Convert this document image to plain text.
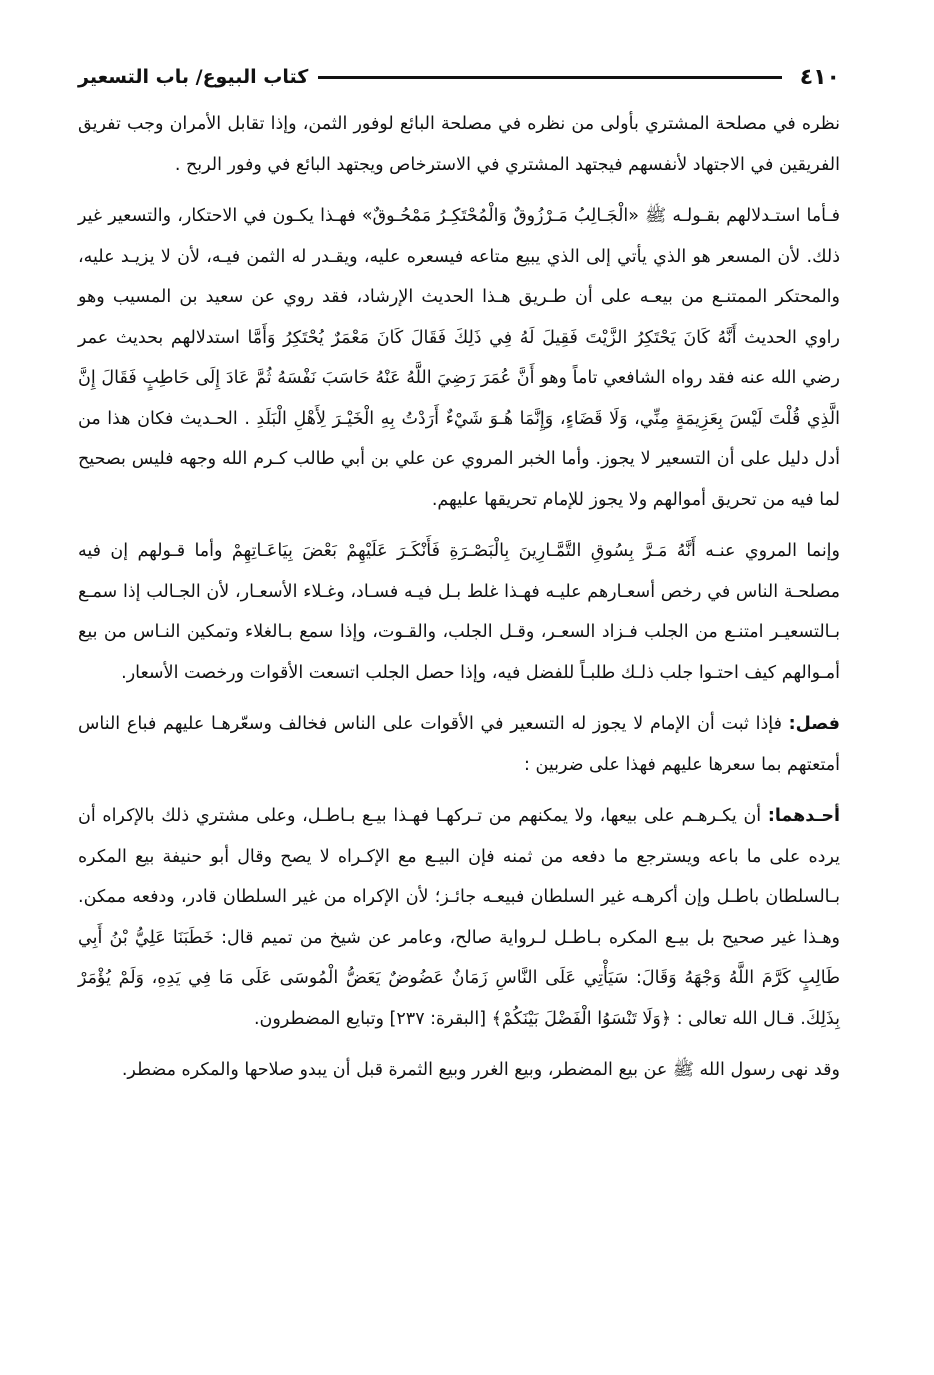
٤١٠
كتاب البيوع/ باب التسعير

نظره في مصلحة المشتري بأولى من نظره في مصلحة البائع لوفور الثمن، وإذا تقابل الأمران وجب تفريق الفريقين في الاجتهاد لأنفسهم فيجتهد المشتري في الاسترخاص ويجتهد البائع في وفور الربح .

فـأما استـدلالهم بقـولـه ﷺ «الْجَـالِبُ مَـرْزُوقٌ وَالْمُحْتَكِـرُ مَمْحُـوقٌ» فهـذا يكـون في الاحتكار، والتسعير غير ذلك. لأن المسعر هو الذي يأتي إلى الذي يبيع متاعه فيسعره عليه، ويقـدر له الثمن فيـه، لأن لا يزيـد عليه، والمحتكر الممتنـع من بيعـه على أن طـريق هـذا الحديث الإرشاد، فقد روي عن سعيد بن المسيب وهو راوي الحديث أَنَّهُ كَانَ يَحْتَكِرُ الزَّيْتَ فَقِيلَ لَهُ فِي ذَلِكَ فَقَالَ كَانَ مَعْمَرٌ يُحْتَكِرُ وَأَمَّا استدلالهم بحديث عمر رضي الله عنه فقد رواه الشافعي تاماً وهو أَنَّ عُمَرَ رَضِيَ اللَّهُ عَنْهُ حَاسَبَ نَفْسَهُ ثُمَّ عَادَ إِلَى حَاطِبٍ فَقَالَ إِنَّ الَّذِي قُلْتَ لَيْسَ بِعَزِيمَةٍ مِنِّي، وَلَا قَضَاءٍ، وَإِنَّمَا هُـوَ شَيْءٌ أَرَدْتُ بِهِ الْخَيْـرَ لِأَهْلِ الْبَلَدِ . الحـديث فكان هذا من أدل دليل على أن التسعير لا يجوز. وأما الخبر المروي عن علي بن أبي طالب كـرم الله وجهه فليس بصحيح لما فيه من تحريق أموالهم ولا يجوز للإمام تحريقها عليهم.

وإنما المروي عنـه أَنَّهُ مَـرَّ بِسُوقِ التَّمَّـارِينَ بِالْبَصْـرَةِ فَأَنْكَـرَ عَلَيْهِمْ بَعْضَ بِيَاعَـاتِهِمْ وأما قـولهم إن فيه مصلحـة الناس في رخص أسعـارهم عليـه فهـذا غلط بـل فيـه فسـاد، وغـلاء الأسعـار، لأن الجـالب إذا سمـع بـالتسعيـر امتنـع من الجلب فـزاد السعـر، وقـل الجلب، والقـوت، وإذا سمع بـالغلاء وتمكين النـاس من بيع أمـوالهم كيف احتـوا جلب ذلـك طلبـاً للفضل فيه، وإذا حصل الجلب اتسعت الأقوات ورخصت الأسعار.

فصل: فإذا ثبت أن الإمام لا يجوز له التسعير في الأقوات على الناس فخالف وسعّرهـا عليهم فباع الناس أمتعتهم بما سعرها عليهم فهذا على ضربين :

أحـدهما: أن يكـرهـم على بيعها، ولا يمكنهم من تـركهـا فهـذا بيـع بـاطـل، وعلى مشتري ذلك بالإكراه أن يرده على ما باعه ويسترجع ما دفعه من ثمنه فإن البيـع مع الإكـراه لا يصح وقال أبو حنيفة بيع المكره بـالسلطان باطـل وإن أكرهـه غير السلطان فبيعـه جائـز؛ لأن الإكراه من غير السلطان قادر، ودفعه ممكن. وهـذا غير صحيح بل بيـع المكره بـاطـل لـرواية صالح، وعامر عن شيخ من تميم قال: خَطَبَنَا عَلِيُّ بْنُ أَبِي طَالِبٍ كَرَّمَ اللَّهُ وَجْهَهُ وَقَالَ: سَيَأْتِي عَلَى النَّاسِ زَمَانٌ عَضُوضٌ يَعَضُّ الْمُوسَى عَلَى مَا فِي يَدِهِ، وَلَمْ يُؤْمَرْ بِذَلِكَ. قـال الله تعالى : ﴿وَلَا تَنْسَوُا الْفَضْلَ بَيْنَكُمْ﴾ [البقرة: ٢٣٧] وتبايع المضطرون.

وقد نهى رسول الله ﷺ عن بيع المضطر، وبيع الغرر وبيع الثمرة قبل أن يبدو صلاحها والمكره مضطر.
